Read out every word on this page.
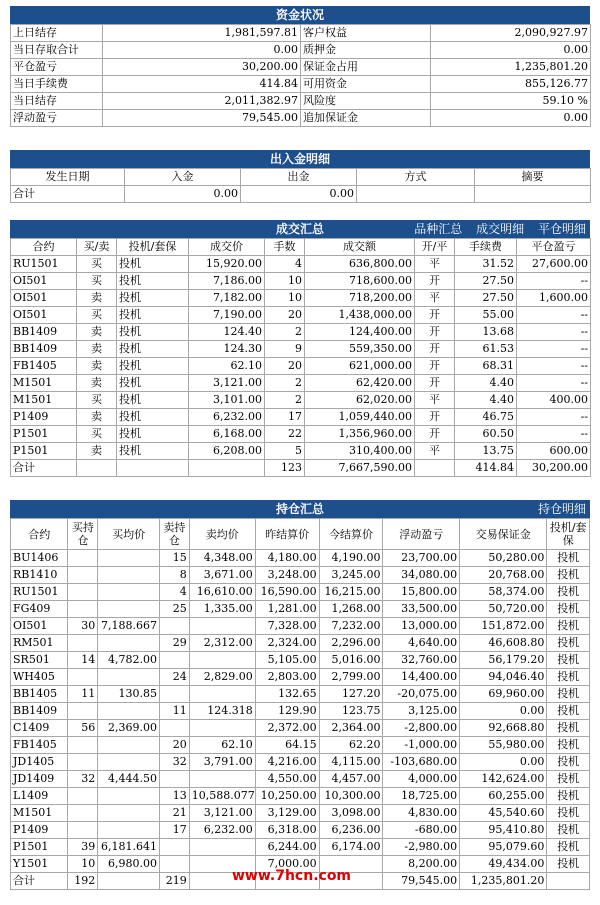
资金状况
上日结存	1,981,597.81	客户权益	2,090,927.97
当日存取合计	0.00	质押金	0.00
平仓盈亏	30,200.00	保证金占用	1,235,801.20
当日手续费	414.84	可用资金	855,126.77
当日结存	2,011,382.97	风险度	59.10 %
浮动盈亏	79,545.00	追加保证金	0.00
出入金明细
发生日期	入金	出金	方式	摘要
合计	0.00	0.00		
成交汇总	品种汇总 成交明细 平仓明细
合约	买/卖	投机/套保	成交价	手数	成交额	开/平	手续费	平仓盈亏
RU1501	买	投机	15,920.00	4	636,800.00	平	31.52	27,600.00
OI501	买	投机	7,186.00	10	718,600.00	开	27.50	--
OI501	卖	投机	7,182.00	10	718,200.00	平	27.50	1,600.00
OI501	买	投机	7,190.00	20	1,438,000.00	开	55.00	--
BB1409	卖	投机	124.40	2	124,400.00	开	13.68	--
BB1409	卖	投机	124.30	9	559,350.00	开	61.53	--
FB1405	卖	投机	62.10	20	621,000.00	开	68.31	--
M1501	卖	投机	3,121.00	2	62,420.00	开	4.40	--
M1501	买	投机	3,101.00	2	62,020.00	平	4.40	400.00
P1409	卖	投机	6,232.00	17	1,059,440.00	开	46.75	--
P1501	买	投机	6,168.00	22	1,356,960.00	开	60.50	--
P1501	卖	投机	6,208.00	5	310,400.00	平	13.75	600.00
合计				123	7,667,590.00		414.84	30,200.00
持仓汇总	持仓明细
合约	买持仓	买均价	卖持仓	卖均价	昨结算价	今结算价	浮动盈亏	交易保证金	投机/套保
BU1406			15	4,348.00	4,180.00	4,190.00	23,700.00	50,280.00	投机
RB1410			8	3,671.00	3,248.00	3,245.00	34,080.00	20,768.00	投机
RU1501			4	16,610.00	16,590.00	16,215.00	15,800.00	58,374.00	投机
FG409			25	1,335.00	1,281.00	1,268.00	33,500.00	50,720.00	投机
OI501	30	7,188.667			7,328.00	7,232.00	13,000.00	151,872.00	投机
RM501			29	2,312.00	2,324.00	2,296.00	4,640.00	46,608.80	投机
SR501	14	4,782.00			5,105.00	5,016.00	32,760.00	56,179.20	投机
WH405			24	2,829.00	2,803.00	2,799.00	14,400.00	94,046.40	投机
BB1405	11	130.85			132.65	127.20	-20,075.00	69,960.00	投机
BB1409			11	124.318	129.90	123.75	3,125.00	0.00	投机
C1409	56	2,369.00			2,372.00	2,364.00	-2,800.00	92,668.80	投机
FB1405			20	62.10	64.15	62.20	-1,000.00	55,980.00	投机
JD1405			32	3,791.00	4,216.00	4,115.00	-103,680.00	0.00	投机
JD1409	32	4,444.50			4,550.00	4,457.00	4,000.00	142,624.00	投机
L1409			13	10,588.077	10,250.00	10,300.00	18,725.00	60,255.00	投机
M1501			21	3,121.00	3,129.00	3,098.00	4,830.00	45,540.60	投机
P1409			17	6,232.00	6,318.00	6,236.00	-680.00	95,410.80	投机
P1501	39	6,181.641			6,244.00	6,174.00	-2,980.00	95,079.60	投机
Y1501	10	6,980.00			7,000.00		8,200.00	49,434.00	投机
合计	192		219				79,545.00	1,235,801.20	
www.7hcn.com
